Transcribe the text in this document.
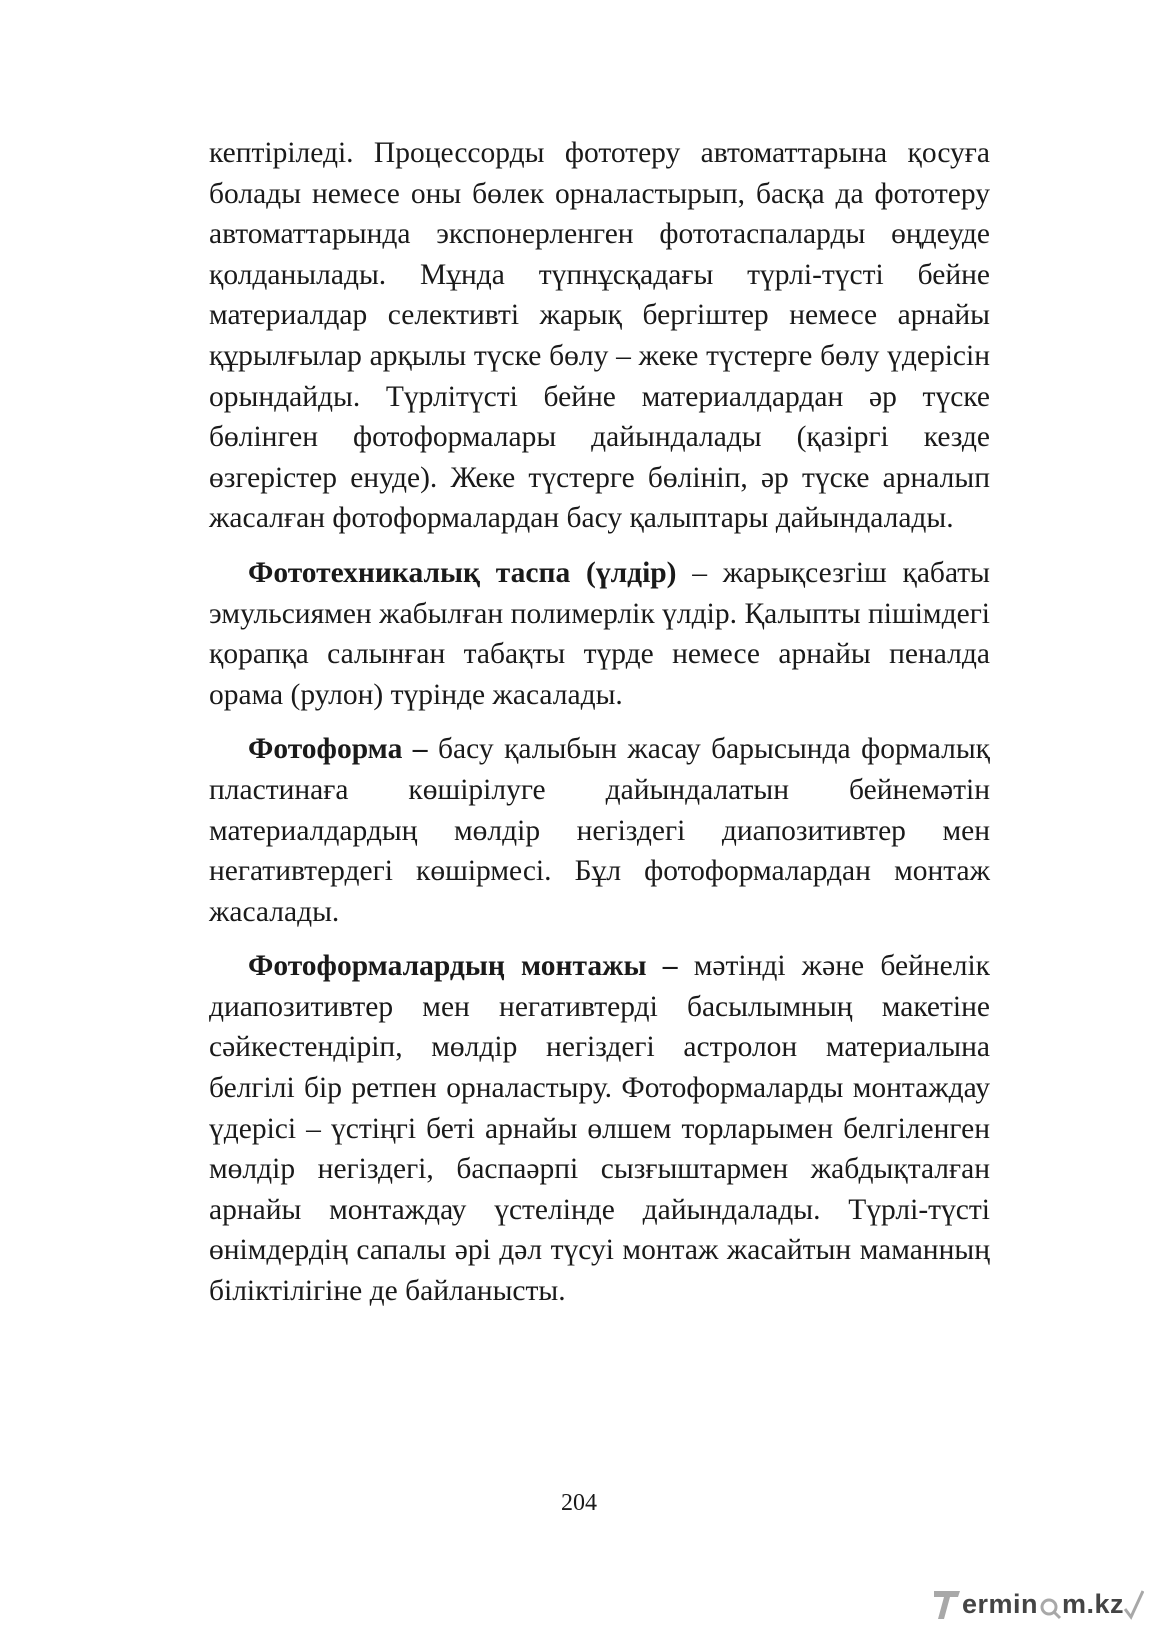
кептіріледі. Процессорды фототеру автоматтарына қосуға болады немесе оны бөлек орналастырып, басқа да фототеру автоматтарында экспонерленген фототаспаларды өңдеуде қолданылады. Мұнда түпнұсқадағы түрлі-түсті бейне материалдар селективті жарық бергіштер немесе арнайы құрылғылар арқылы түске бөлу – жеке түстерге бөлу үдерісін орындайды. Түрлітүсті бейне материалдардан әр түске бөлінген фотоформалары дайындалады (қазіргі кезде өзгерістер енуде). Жеке түстерге бөлініп, әр түске арналып жасалған фотоформалардан басу қалыптары дайындалады.

Фототехникалық таспа (үлдір) – жарықсезгіш қабаты эмульсиямен жабылған полимерлік үлдір. Қалыпты пішімдегі қорапқа салынған табақты түрде немесе арнайы пеналда орама (рулон) түрінде жасалады.

Фотоформа – басу қалыбын жасау барысында формалық пластинаға көшірілуге дайындалатын бейнемәтін материалдардың мөлдір негіздегі диапозитивтер мен негативтердегі көшірмесі. Бұл фотоформалардан монтаж жасалады.

Фотоформалардың монтажы – мәтінді және бейнелік диапозитивтер мен негативтерді басылымның макетіне сәйкестендіріп, мөлдір негіздегі астролон материалына белгілі бір ретпен орналастыру. Фотоформаларды монтаждау үдерісі – үстіңгі беті арнайы өлшем торларымен белгіленген мөлдір негіздегі, баспаәрпі сызғыштармен жабдықталған арнайы монтаждау үстелінде дайындалады. Түрлі-түсті өнімдердің сапалы әрі дәл түсуі монтаж жасайтын маманның біліктілігіне де байланысты.

204
ermin m.kz
